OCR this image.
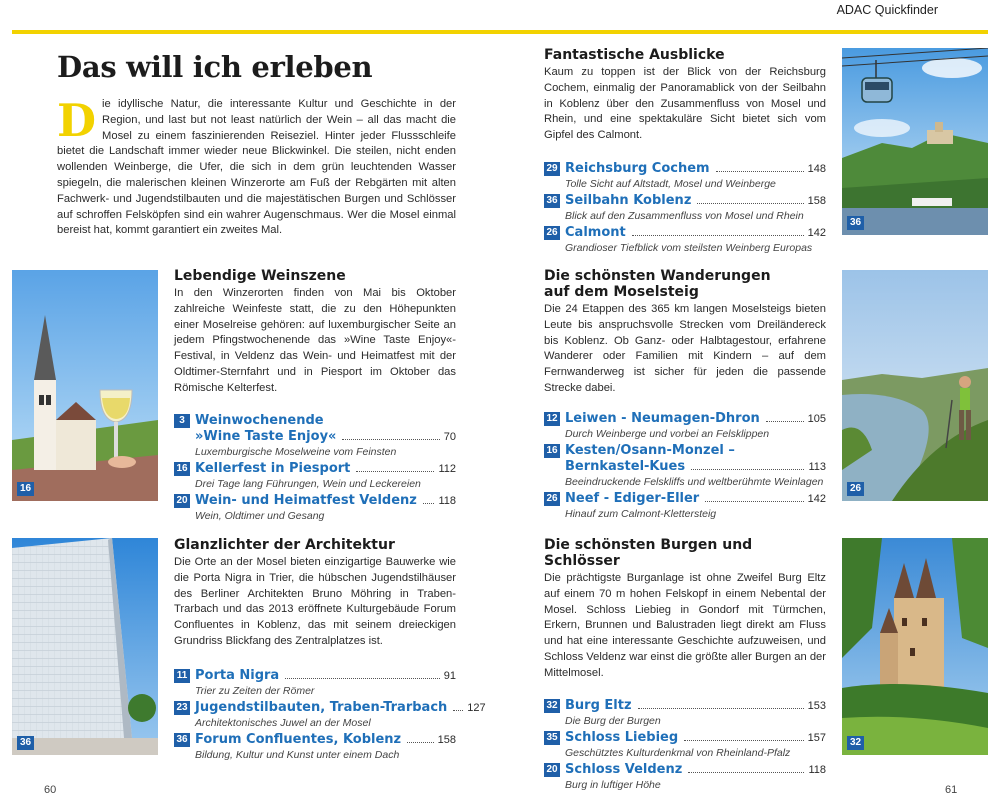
ADAC Quickfinder
Das will ich erleben
Die idyllische Natur, die interessante Kultur und Geschichte in der Region, und last but not least natürlich der Wein – all das macht die Mosel zu einem faszinierenden Reiseziel. Hinter jeder Flussschleife bietet die Landschaft immer wieder neue Blickwinkel. Die steilen, nicht enden wollenden Weinberge, die Ufer, die sich in dem grün leuchtenden Wasser spiegeln, die malerischen kleinen Winzerorte am Fuß der Rebgärten mit alten Fachwerk- und Jugendstilbauten und die majestätischen Burgen und Schlösser auf schroffen Felsköpfen sind ein wahrer Augenschmaus. Wer die Mosel einmal bereist hat, kommt garantiert ein zweites Mal.
36
Fantastische Ausblicke
Kaum zu toppen ist der Blick von der Reichsburg Cochem, einmalig der Panoramablick von der Seilbahn in Koblenz über den Zusammenfluss von Mosel und Rhein, und eine spektakuläre Sicht bietet sich vom Gipfel des Calmont.
29 Reichsburg Cochem	148
Tolle Sicht auf Altstadt, Mosel und Weinberge
36 Seilbahn Koblenz	158
Blick auf den Zusammenfluss von Mosel und Rhein
26 Calmont	142
Grandioser Tiefblick vom steilsten Weinberg Europas
16
Lebendige Weinszene
In den Winzerorten finden von Mai bis Oktober zahlreiche Weinfeste statt, die zu den Höhepunkten einer Moselreise gehören: auf luxemburgischer Seite an jedem Pfingstwochenende das »Wine Taste Enjoy«-Festival, in Veldenz das Wein- und Heimatfest mit der Oldtimer-Sternfahrt und in Piesport im Oktober das Römische Kelterfest.
3 Weinwochenende
»Wine Taste Enjoy«	70
Luxemburgische Moselweine vom Feinsten
16 Kellerfest in Piesport	112
Drei Tage lang Führungen, Wein und Leckereien
20 Wein- und Heimatfest Veldenz 118
Wein, Oldtimer und Gesang
Die schönsten Wanderungen
auf dem Moselsteig
Die 24 Etappen des 365 km langen Moselsteigs bieten Leute bis anspruchsvolle Strecken vom Dreiländereck bis Koblenz. Ob Ganz- oder Halbtagestour, erfahrene Wanderer oder Familien mit Kindern – auf dem Fernwanderweg ist sicher für jeden die passende Strecke dabei.
12 Leiwen - Neumagen-Dhron	105
Durch Weinberge und vorbei an Felsklippen
16 Kesten/Osann-Monzel –
Bernkastel-Kues	113
Beeindruckende Felskliffs und weltberühmte Weinlagen
26 Neef - Ediger-Eller	142
Hinauf zum Calmont-Klettersteig
26
36
Glanzlichter der Architektur
Die Orte an der Mosel bieten einzigartige Bauwerke wie die Porta Nigra in Trier, die hübschen Jugendstilhäuser des Berliner Architekten Bruno Möhring in Traben-Trarbach und das 2013 eröffnete Kulturgebäude Forum Confluentes in Koblenz, das mit seinem dreieckigen Grundriss Blickfang des Zentralplatzes ist.
11 Porta Nigra	91
Trier zu Zeiten der Römer
23 Jugendstilbauten, Traben-Trarbach 127
Architektonisches Juwel an der Mosel
36 Forum Confluentes, Koblenz	158
Bildung, Kultur und Kunst unter einem Dach
Die schönsten Burgen und Schlösser
Die prächtigste Burganlage ist ohne Zweifel Burg Eltz auf einem 70 m hohen Felskopf in einem Nebental der Mosel. Schloss Liebieg in Gondorf mit Türmchen, Erkern, Brunnen und Balustraden liegt direkt am Fluss und hat eine interessante Geschichte aufzuweisen, und Schloss Veldenz war einst die größte aller Burgen an der Mittelmosel.
32 Burg Eltz	153
Die Burg der Burgen
35 Schloss Liebieg	157
Geschütztes Kulturdenkmal von Rheinland-Pfalz
20 Schloss Veldenz	118
Burg in luftiger Höhe
32
60	61
